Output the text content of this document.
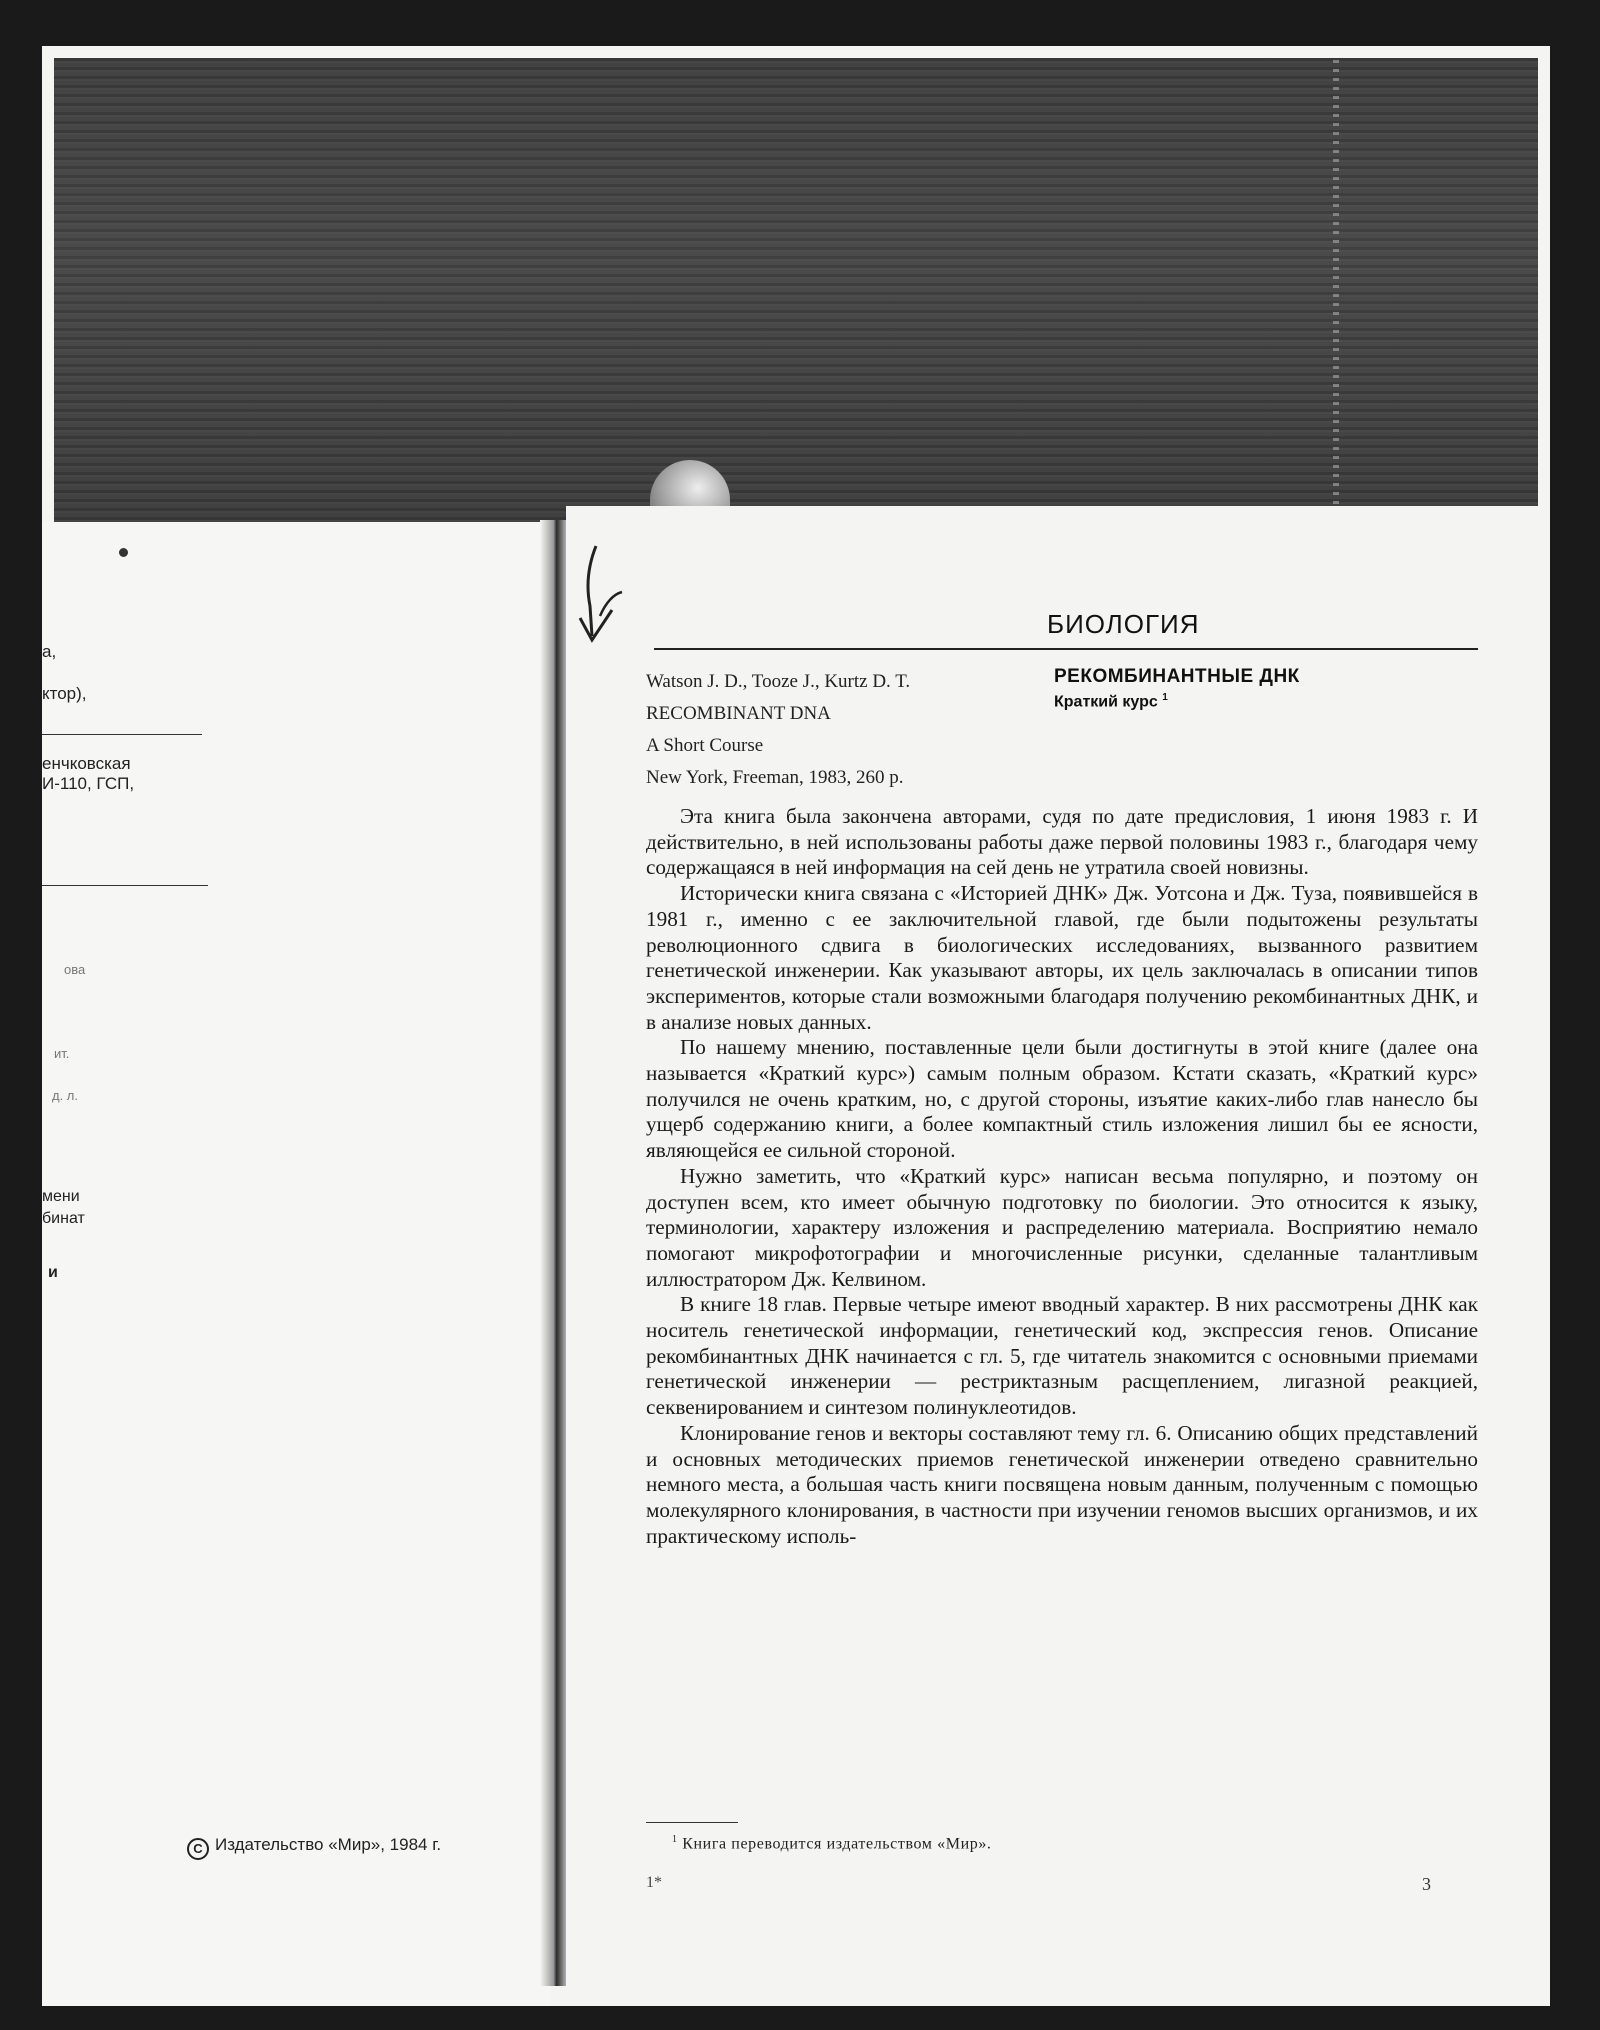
а,
ктор),
енчковская
И-110, ГСП,
ова
ит.
д. л.
мени
бинат
и
C Издательство «Мир», 1984 г.
БИОЛОГИЯ
Watson J. D., Tooze J., Kurtz D. T.
RECOMBINANT DNA
A Short Course
New York, Freeman, 1983, 260 p.
РЕКОМБИНАНТНЫЕ ДНК
Краткий курс $^1$

Эта книга была закончена авторами, судя по дате предисловия, 1 июня 1983 г. И действительно, в ней использованы работы даже первой половины 1983 г., благодаря чему содержащаяся в ней информация на сей день не утратила своей новизны.

Исторически книга связана с «Историей ДНК» Дж. Уотсона и Дж. Туза, появившейся в 1981 г., именно с ее заключительной главой, где были подытожены результаты революционного сдвига в биологических исследованиях, вызванного развитием генетической инженерии. Как указывают авторы, их цель заключалась в описании типов экспериментов, которые стали возможными благодаря получению рекомбинантных ДНК, и в анализе новых данных.

По нашему мнению, поставленные цели были достигнуты в этой книге (далее она называется «Краткий курс») самым полным образом. Кстати сказать, «Краткий курс» получился не очень кратким, но, с другой стороны, изъятие каких-либо глав нанесло бы ущерб содержанию книги, а более компактный стиль изложения лишил бы ее ясности, являющейся ее сильной стороной.

Нужно заметить, что «Краткий курс» написан весьма популярно, и поэтому он доступен всем, кто имеет обычную подготовку по биологии. Это относится к языку, терминологии, характеру изложения и распределению материала. Восприятию немало помогают микрофотографии и многочисленные рисунки, сделанные талантливым иллюстратором Дж. Келвином.

В книге 18 глав. Первые четыре имеют вводный характер. В них рассмотрены ДНК как носитель генетической информации, генетический код, экспрессия генов. Описание рекомбинантных ДНК начинается с гл. 5, где читатель знакомится с основными приемами генетической инженерии — рестриктазным расщеплением, лигазной реакцией, секвенированием и синтезом полинуклеотидов.

Клонирование генов и векторы составляют тему гл. 6. Описанию общих представлений и основных методических приемов генетической инженерии отведено сравнительно немного места, а большая часть книги посвящена новым данным, полученным с помощью молекулярного клонирования, в частности при изучении геномов высших организмов, и их практическому исполь-

$^1$ Книга переводится издательством «Мир».
1*	3
